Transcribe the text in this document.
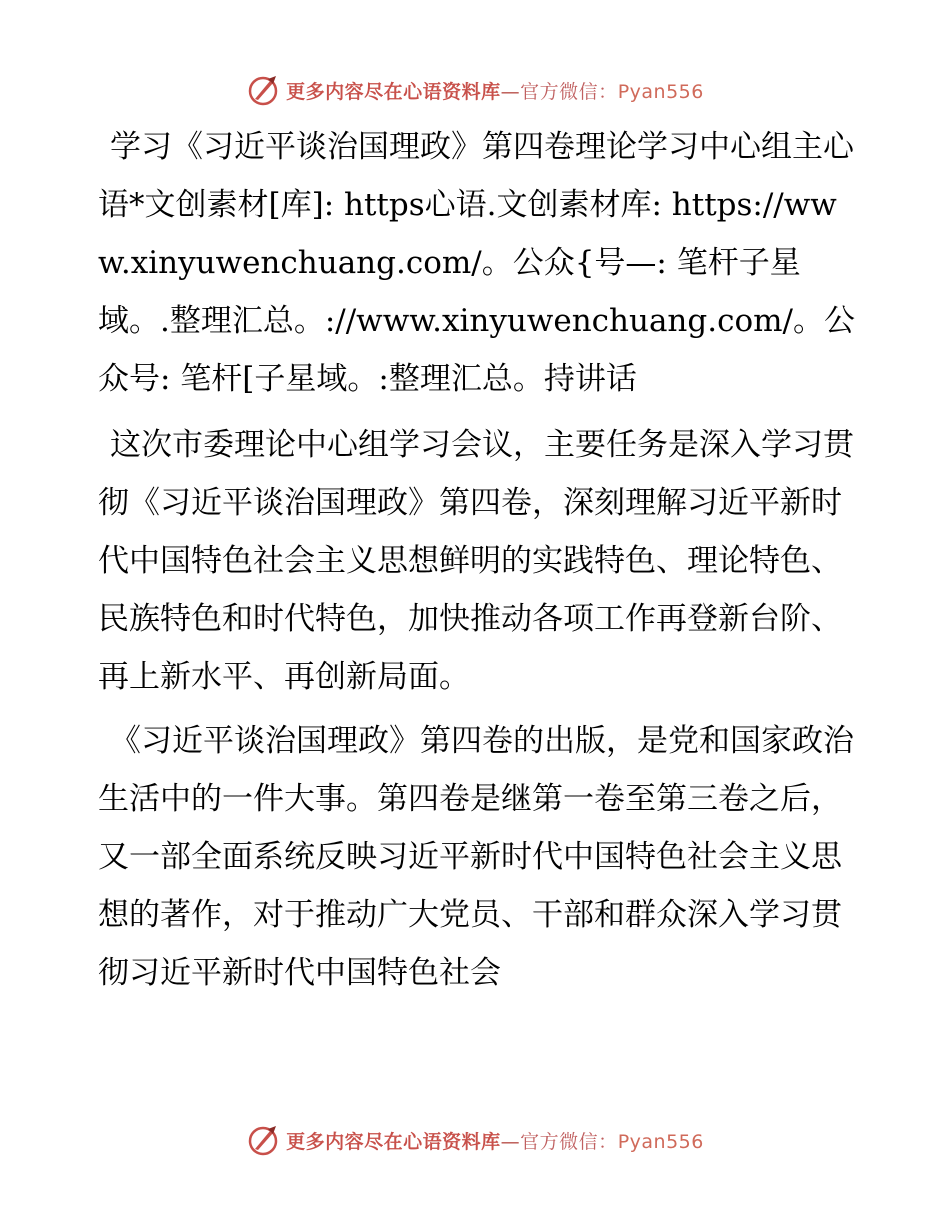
更多内容尽在心语资料库—官方微信：Pyan556

学习《习近平谈治国理政》第四卷理论学习中心组主心语*文创素材[库]: https心语.文创素材库: https://www.xinyuwenchuang.com/。公众{号—: 笔杆子星域。.整理汇总。://www.xinyuwenchuang.com/。公众号: 笔杆[子星域。:整理汇总。持讲话

这次市委理论中心组学习会议，主要任务是深入学习贯彻《习近平谈治国理政》第四卷，深刻理解习近平新时代中国特色社会主义思想鲜明的实践特色、理论特色、民族特色和时代特色，加快推动各项工作再登新台阶、再上新水平、再创新局面。

《习近平谈治国理政》第四卷的出版，是党和国家政治生活中的一件大事。第四卷是继第一卷至第三卷之后，又一部全面系统反映习近平新时代中国特色社会主义思想的著作，对于推动广大党员、干部和群众深入学习贯彻习近平新时代中国特色社会

更多内容尽在心语资料库—官方微信：Pyan556
